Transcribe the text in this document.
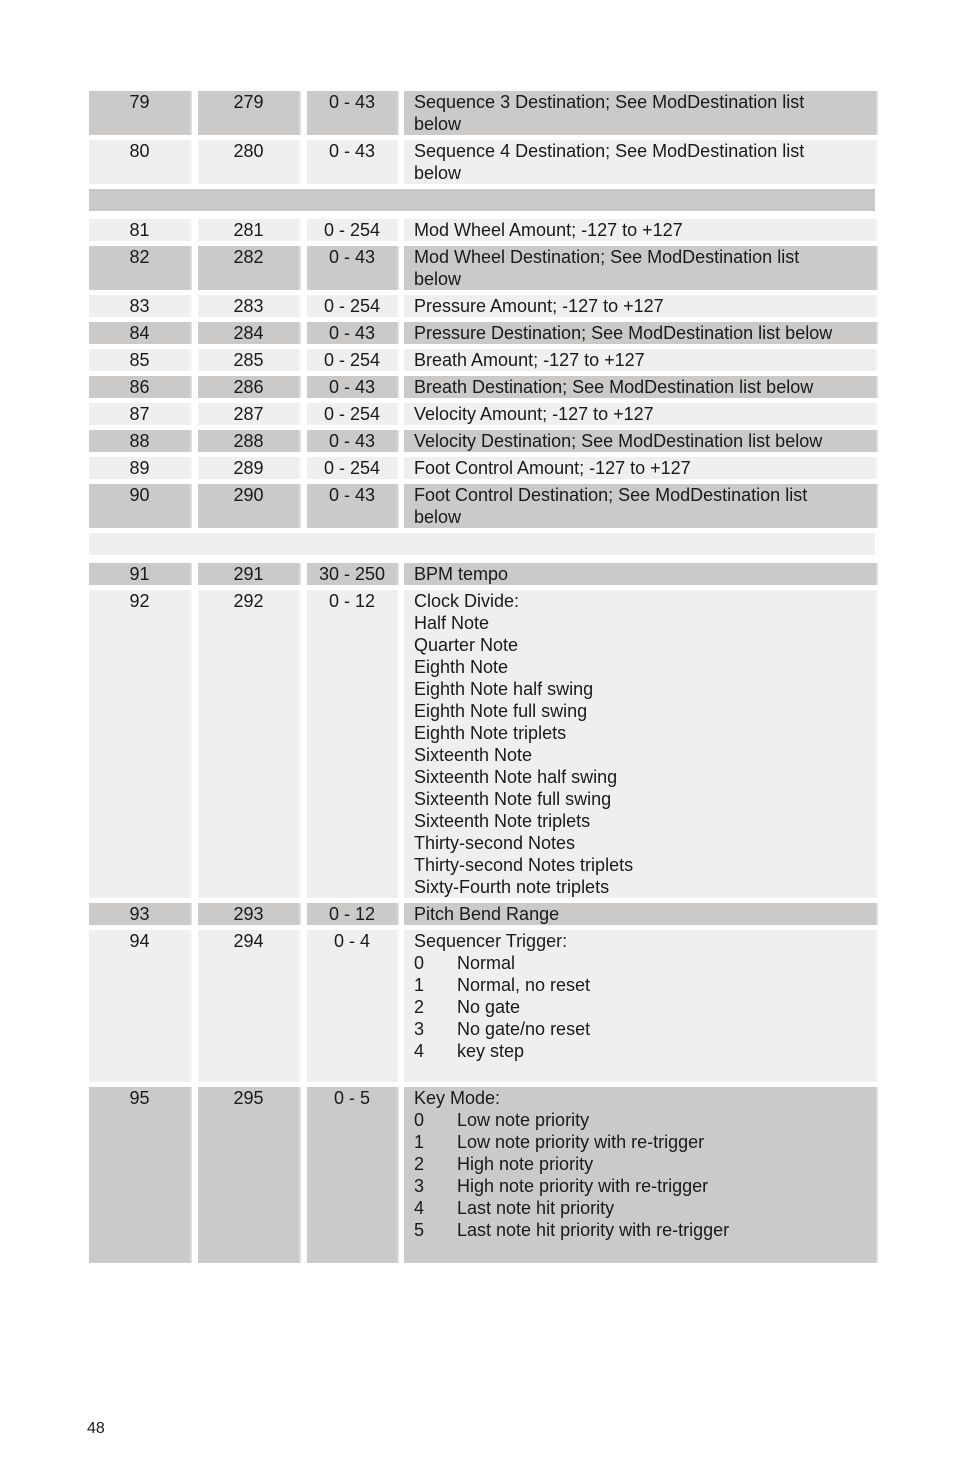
79	279	0 - 43	Sequence 3 Destination; See ModDestination list
below
80	280	0 - 43	Sequence 4 Destination; See ModDestination list
below
81	281	0 - 254	Mod Wheel Amount; -127 to +127
82	282	0 - 43	Mod Wheel Destination; See ModDestination list
below
83	283	0 - 254	Pressure Amount; -127 to +127
84	284	0 - 43	Pressure Destination; See ModDestination list below
85	285	0 - 254	Breath Amount; -127 to +127
86	286	0 - 43	Breath Destination; See ModDestination list below
87	287	0 - 254	Velocity Amount; -127 to +127
88	288	0 - 43	Velocity Destination; See ModDestination list below
89	289	0 - 254	Foot Control Amount; -127 to +127
90	290	0 - 43	Foot Control Destination; See ModDestination list
below
91	291	30 - 250	BPM tempo
92	292	0 - 12	Clock Divide:
Half Note
Quarter Note
Eighth Note
Eighth Note half swing
Eighth Note full swing
Eighth Note triplets
Sixteenth Note
Sixteenth Note half swing
Sixteenth Note full swing
Sixteenth Note triplets
Thirty-second Notes
Thirty-second Notes triplets
Sixty-Fourth note triplets
93	293	0 - 12	Pitch Bend Range
94	294	0 - 4	Sequencer Trigger:
0	Normal
1	Normal, no reset
2	No gate
3	No gate/no reset
4	key step
95	295	0 - 5	Key Mode:
0	Low note priority
1	Low note priority with re-trigger
2	High note priority
3	High note priority with re-trigger
4	Last note hit priority
5	Last note hit priority with re-trigger
48
